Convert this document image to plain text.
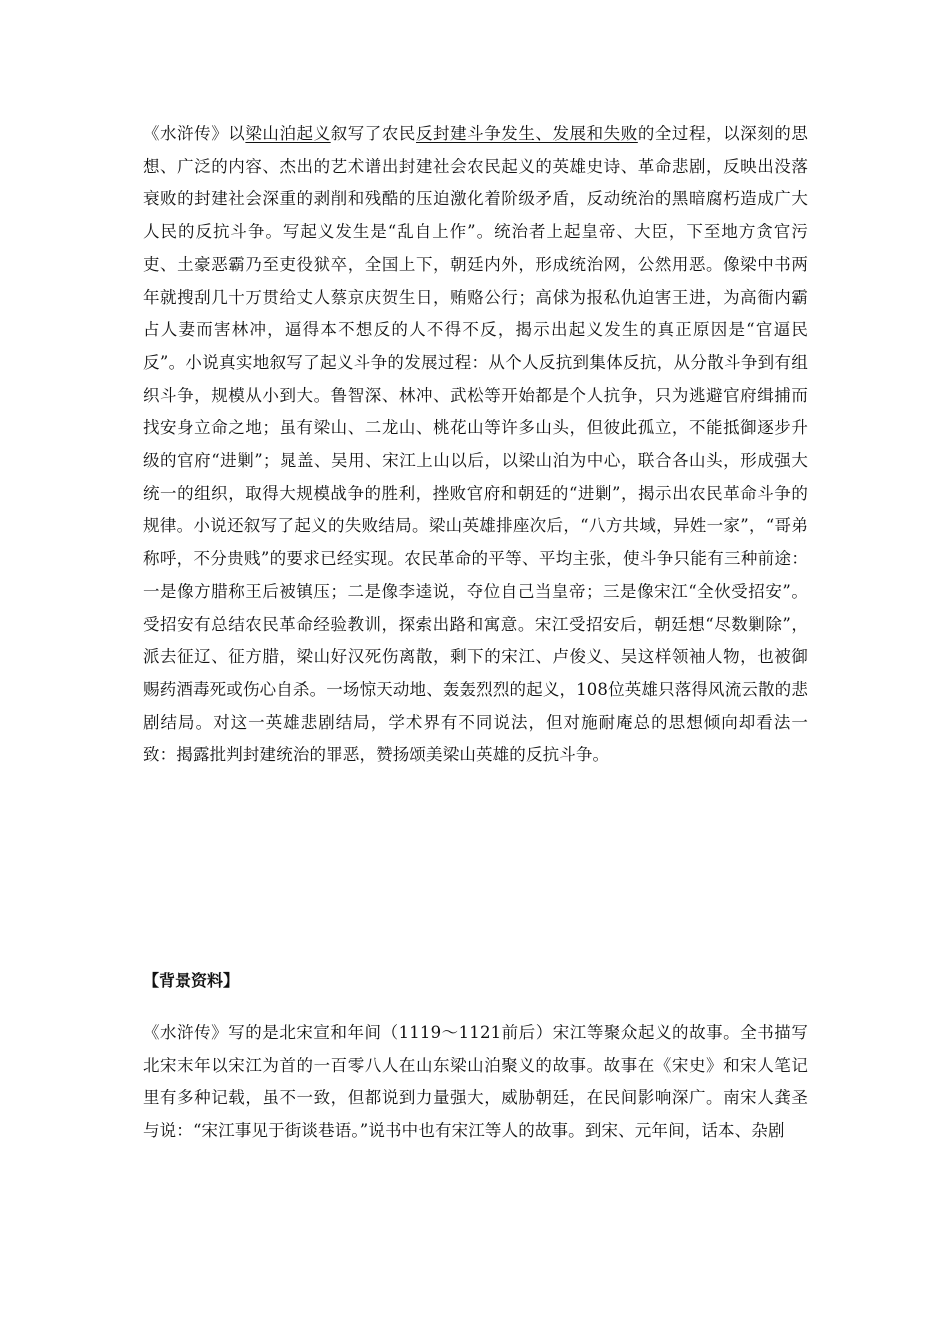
《水浒传》以梁山泊起义叙写了农民反封建斗争发生、发展和失败的全过程，以深刻的思想、广泛的内容、杰出的艺术谱出封建社会农民起义的英雄史诗、革命悲剧，反映出没落衰败的封建社会深重的剥削和残酷的压迫激化着阶级矛盾，反动统治的黑暗腐朽造成广大人民的反抗斗争。写起义发生是“乱自上作”。统治者上起皇帝、大臣，下至地方贪官污吏、土豪恶霸乃至吏役狱卒，全国上下，朝廷内外，形成统治网，公然用恶。像梁中书两年就搜刮几十万贯给丈人蔡京庆贺生日，贿赂公行；高俅为报私仇迫害王进，为高衙内霸占人妻而害林冲，逼得本不想反的人不得不反，揭示出起义发生的真正原因是“官逼民反”。小说真实地叙写了起义斗争的发展过程：从个人反抗到集体反抗，从分散斗争到有组织斗争，规模从小到大。鲁智深、林冲、武松等开始都是个人抗争，只为逃避官府缉捕而找安身立命之地；虽有梁山、二龙山、桃花山等许多山头，但彼此孤立，不能抵御逐步升级的官府“进剿”；晁盖、吴用、宋江上山以后，以梁山泊为中心，联合各山头，形成强大统一的组织，取得大规模战争的胜利，挫败官府和朝廷的“进剿”，揭示出农民革命斗争的规律。小说还叙写了起义的失败结局。梁山英雄排座次后，“八方共域，异姓一家”，“哥弟称呼，不分贵贱”的要求已经实现。农民革命的平等、平均主张，使斗争只能有三种前途：一是像方腊称王后被镇压；二是像李逵说，夺位自己当皇帝；三是像宋江“全伙受招安”。受招安有总结农民革命经验教训，探索出路和寓意。宋江受招安后，朝廷想“尽数剿除”，派去征辽、征方腊，梁山好汉死伤离散，剩下的宋江、卢俊义、吴这样领袖人物，也被御赐药酒毒死或伤心自杀。一场惊天动地、轰轰烈烈的起义，108位英雄只落得风流云散的悲剧结局。对这一英雄悲剧结局，学术界有不同说法，但对施耐庵总的思想倾向却看法一致：揭露批判封建统治的罪恶，赞扬颂美梁山英雄的反抗斗争。
【背景资料】
《水浒传》写的是北宋宣和年间（1119～1121前后）宋江等聚众起义的故事。全书描写北宋末年以宋江为首的一百零八人在山东梁山泊聚义的故事。故事在《宋史》和宋人笔记里有多种记载，虽不一致，但都说到力量强大，威胁朝廷，在民间影响深广。南宋人龚圣与说：“宋江事见于街谈巷语。”说书中也有宋江等人的故事。到宋、元年间，话本、杂剧
